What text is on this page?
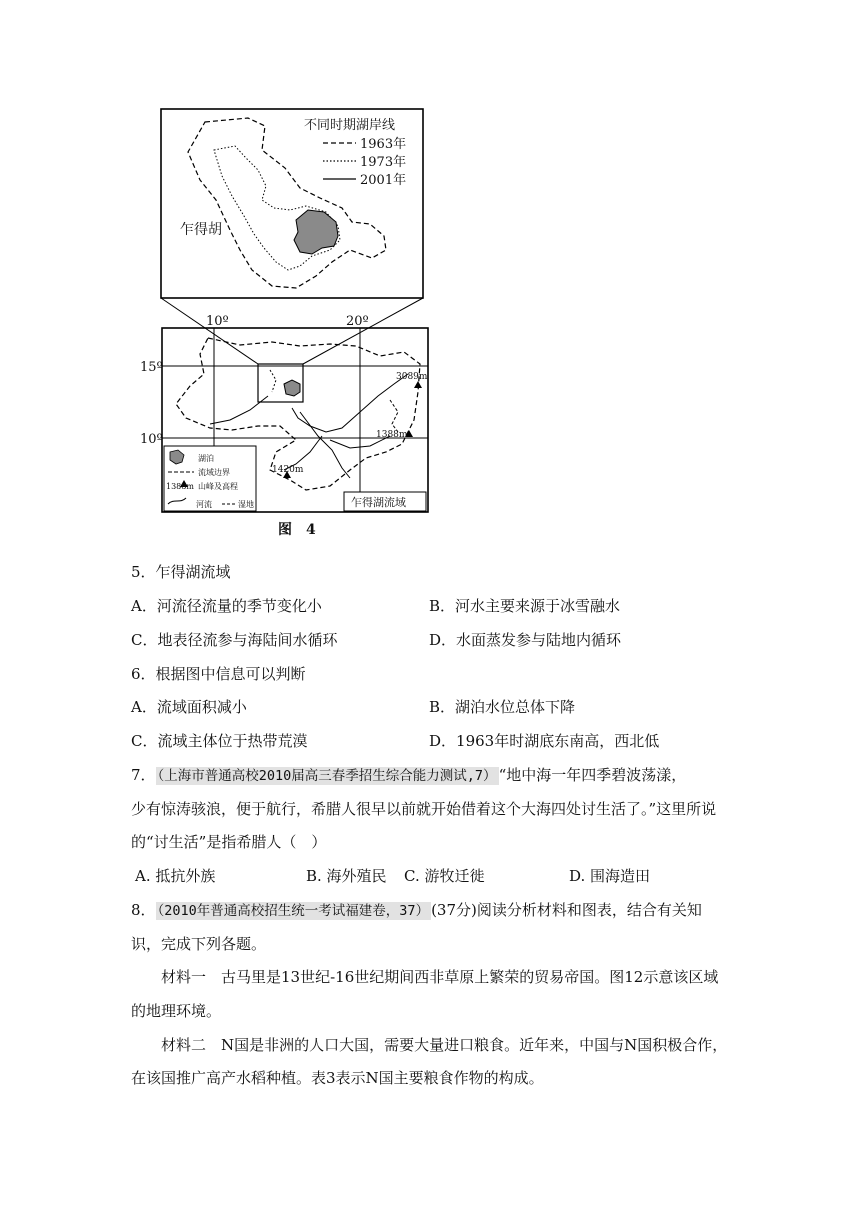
不同时期湖岸线
1963年
1973年
2001年
乍得胡
10º	20º
15º
10º
3089m
1388m
1420m
湖泊
流域边界
1388m 山峰及高程
河流	湿地	乍得湖流域
图　4
5．乍得湖流域
A．河流径流量的季节变化小	B．河水主要来源于冰雪融水
C．地表径流参与海陆间水循环	D．水面蒸发参与陆地内循环
6．根据图中信息可以判断
A．流域面积减小	B．湖泊水位总体下降
C．流域主体位于热带荒漠	D．1963年时湖底东南高，西北低
7． （上海市普通高校2010届高三春季招生综合能力测试,7） “地中海一年四季碧波荡漾，
少有惊涛骇浪，便于航行，希腊人很早以前就开始借着这个大海四处讨生活了。”这里所说
的“讨生活”是指希腊人（　）
A. 抵抗外族	B. 海外殖民 C. 游牧迁徙	D. 围海造田
8． （2010年普通高校招生统一考试福建卷，37） (37分)阅读分析材料和图表，结合有关知
识，完成下列各题。
材料一　古马里是13世纪-16世纪期间西非草原上繁荣的贸易帝国。图12示意该区域
的地理环境。
材料二　N国是非洲的人口大国，需要大量进口粮食。近年来，中国与N国积极合作，
在该国推广高产水稻种植。表3表示N国主要粮食作物的构成。
